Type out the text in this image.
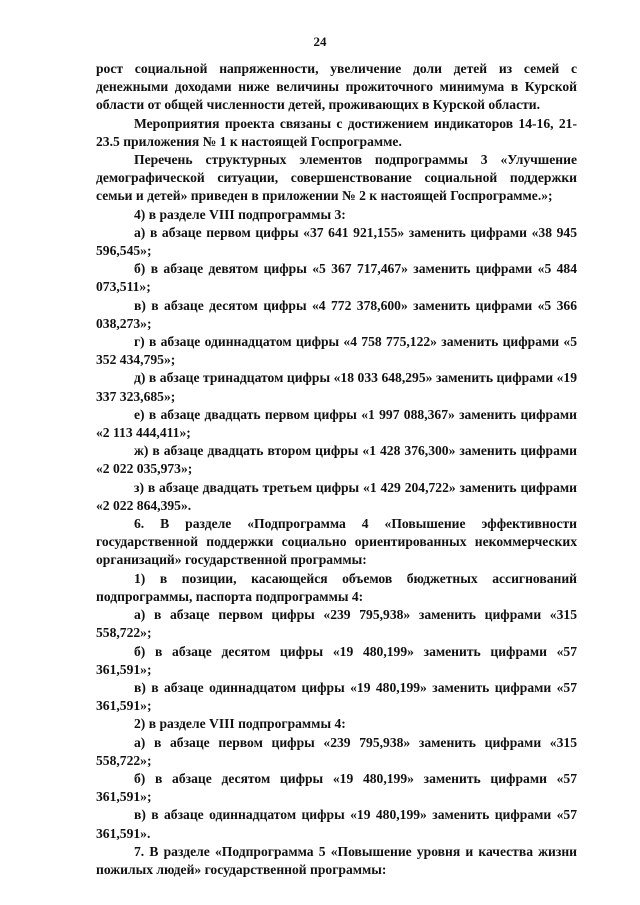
24

рост социальной напряженности, увеличение доли детей из семей с денежными доходами ниже величины прожиточного минимума в Курской области от общей численности детей, проживающих в Курской области.

Мероприятия проекта связаны с достижением индикаторов 14-16, 21-23.5 приложения № 1 к настоящей Госпрограмме.

Перечень структурных элементов подпрограммы 3 «Улучшение демографической ситуации, совершенствование социальной поддержки семьи и детей» приведен в приложении № 2 к настоящей Госпрограмме.»;

4) в разделе VIII подпрограммы 3:

а) в абзаце первом цифры «37 641 921,155» заменить цифрами «38 945 596,545»;

б) в абзаце девятом цифры «5 367 717,467» заменить цифрами «5 484 073,511»;

в) в абзаце десятом цифры «4 772 378,600» заменить цифрами «5 366 038,273»;

г) в абзаце одиннадцатом цифры «4 758 775,122» заменить цифрами «5 352 434,795»;

д) в абзаце тринадцатом цифры «18 033 648,295» заменить цифрами «19 337 323,685»;

е) в абзаце двадцать первом цифры «1 997 088,367» заменить цифрами «2 113 444,411»;

ж) в абзаце двадцать втором цифры «1 428 376,300» заменить цифрами «2 022 035,973»;

з) в абзаце двадцать третьем цифры «1 429 204,722» заменить цифрами «2 022 864,395».

6. В разделе «Подпрограмма 4 «Повышение эффективности государственной поддержки социально ориентированных некоммерческих организаций» государственной программы:

1) в позиции, касающейся объемов бюджетных ассигнований подпрограммы, паспорта подпрограммы 4:

а) в абзаце первом цифры «239 795,938» заменить цифрами «315 558,722»;

б) в абзаце десятом цифры «19 480,199» заменить цифрами «57 361,591»;

в) в абзаце одиннадцатом цифры «19 480,199» заменить цифрами «57 361,591»;

2) в разделе VIII подпрограммы 4:

а) в абзаце первом цифры «239 795,938» заменить цифрами «315 558,722»;

б) в абзаце десятом цифры «19 480,199» заменить цифрами «57 361,591»;

в) в абзаце одиннадцатом цифры «19 480,199» заменить цифрами «57 361,591».

7. В разделе «Подпрограмма 5 «Повышение уровня и качества жизни пожилых людей» государственной программы:
